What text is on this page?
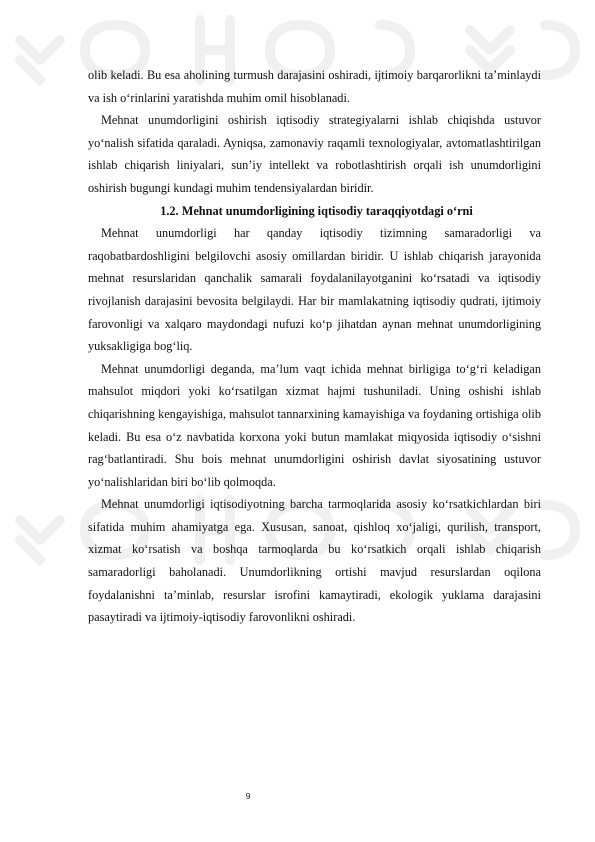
olib keladi. Bu esa aholining turmush darajasini oshiradi, ijtimoiy barqarorlikni ta’minlaydi va ish o‘rinlarini yaratishda muhim omil hisoblanadi.

Mehnat unumdorligini oshirish iqtisodiy strategiyalarni ishlab chiqishda ustuvor yo‘nalish sifatida qaraladi. Ayniqsa, zamonaviy raqamli texnologiyalar, avtomatlashtirilgan ishlab chiqarish liniyalari, sun’iy intellekt va robotlashtirish orqali ish unumdorligini oshirish bugungi kundagi muhim tendensiyalardan biridir.

1.2. Mehnat unumdorligining iqtisodiy taraqqiyotdagi o‘rni

Mehnat unumdorligi har qanday iqtisodiy tizimning samaradorligi va raqobatbardoshligini belgilovchi asosiy omillardan biridir. U ishlab chiqarish jarayonida mehnat resurslaridan qanchalik samarali foydalanilayotganini ko‘rsatadi va iqtisodiy rivojlanish darajasini bevosita belgilaydi. Har bir mamlakatning iqtisodiy qudrati, ijtimoiy farovonligi va xalqaro maydondagi nufuzi ko‘p jihatdan aynan mehnat unumdorligining yuksakligiga bog‘liq.

Mehnat unumdorligi deganda, ma’lum vaqt ichida mehnat birligiga to‘g‘ri keladigan mahsulot miqdori yoki ko‘rsatilgan xizmat hajmi tushuniladi. Uning oshishi ishlab chiqarishning kengayishiga, mahsulot tannarxining kamayishiga va foydaning ortishiga olib keladi. Bu esa o‘z navbatida korxona yoki butun mamlakat miqyosida iqtisodiy o‘sishni rag‘batlantiradi. Shu bois mehnat unumdorligini oshirish davlat siyosatining ustuvor yo‘nalishlaridan biri bo‘lib qolmoqda.

Mehnat unumdorligi iqtisodiyotning barcha tarmoqlarida asosiy ko‘rsatkichlardan biri sifatida muhim ahamiyatga ega. Xususan, sanoat, qishloq xo‘jaligi, qurilish, transport, xizmat ko‘rsatish va boshqa tarmoqlarda bu ko‘rsatkich orqali ishlab chiqarish samaradorligi baholanadi. Unumdorlikning ortishi mavjud resurslardan oqilona foydalanishni ta’minlab, resurslar isrofini kamaytiradi, ekologik yuklama darajasini pasaytiradi va ijtimoiy-iqtisodiy farovonlikni oshiradi.

9
